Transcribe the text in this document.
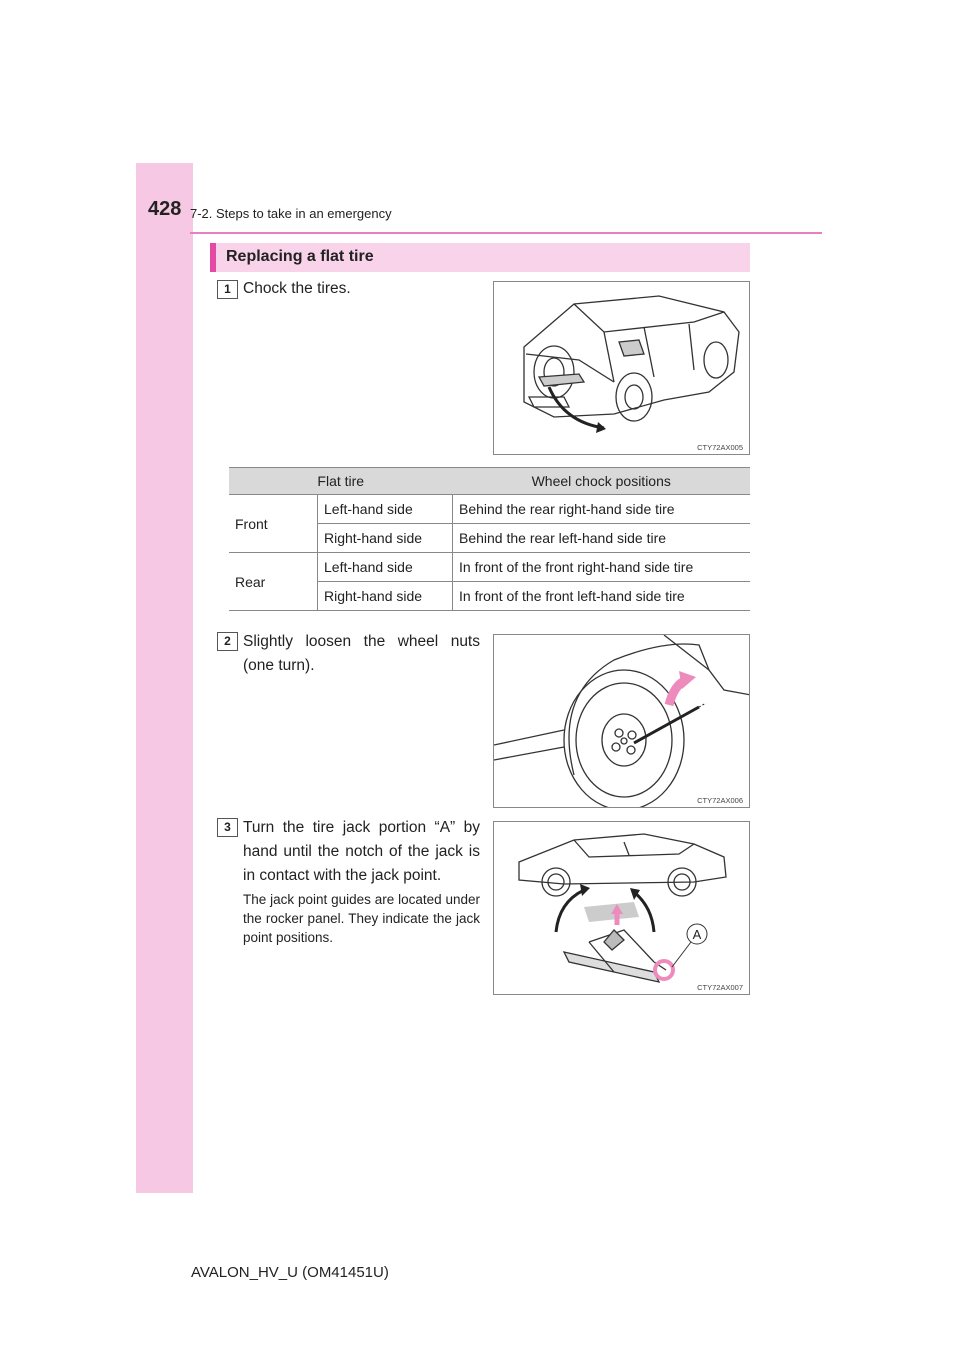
428 7-2. Steps to take in an emergency
Replacing a flat tire
1 Chock the tires.
CTY72AX005
Flat tire		Wheel chock positions
Front	Left-hand side	Behind the rear right-hand side tire
	Right-hand side	Behind the rear left-hand side tire
Rear	Left-hand side	In front of the front right-hand side tire
	Right-hand side	In front of the front left-hand side tire
2 Slightly loosen the wheel nuts (one turn).
CTY72AX006
3 Turn the tire jack portion “A” by hand until the notch of the jack is in contact with the jack point.
The jack point guides are located under the rocker panel. They indicate the jack point positions.	A
CTY72AX007
AVALON_HV_U (OM41451U)
